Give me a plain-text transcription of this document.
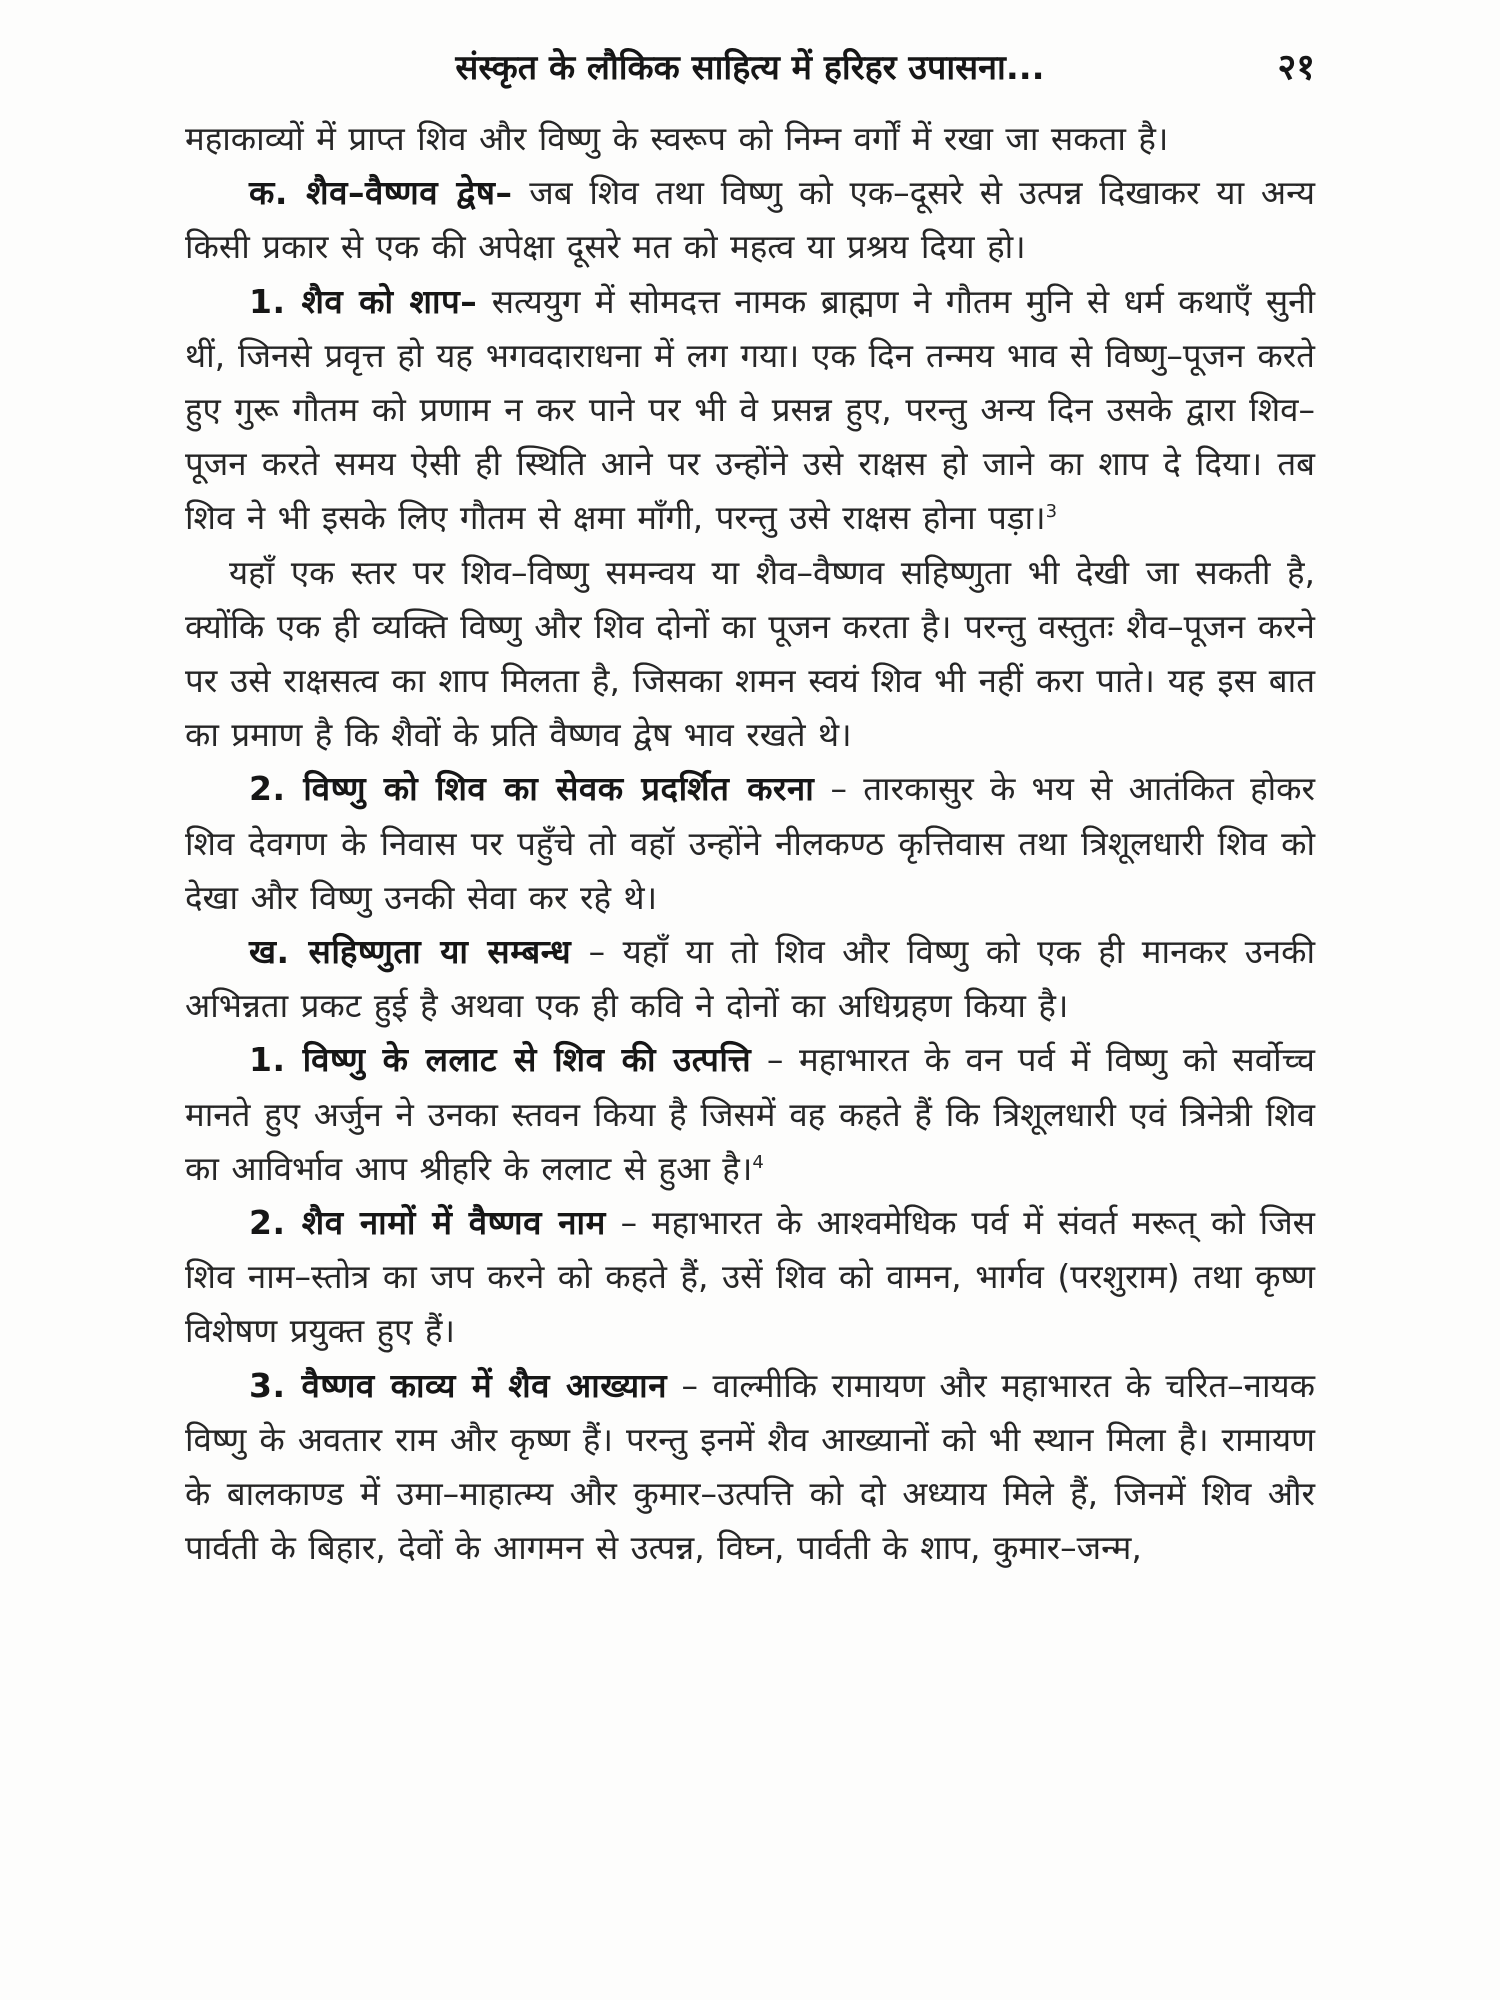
संस्कृत के लौकिक साहित्य में हरिहर उपासना...	२१

महाकाव्यों में प्राप्त शिव और विष्णु के स्वरूप को निम्न वर्गों में रखा जा सकता है।

क. शैव–वैष्णव द्वेष– जब शिव तथा विष्णु को एक–दूसरे से उत्पन्न दिखाकर या अन्य किसी प्रकार से एक की अपेक्षा दूसरे मत को महत्व या प्रश्रय दिया हो।

1. शैव को शाप– सत्ययुग में सोमदत्त नामक ब्राह्मण ने गौतम मुनि से धर्म कथाएँ सुनी थीं, जिनसे प्रवृत्त हो यह भगवदाराधना में लग गया। एक दिन तन्मय भाव से विष्णु–पूजन करते हुए गुरू गौतम को प्रणाम न कर पाने पर भी वे प्रसन्न हुए, परन्तु अन्य दिन उसके द्वारा शिव–पूजन करते समय ऐसी ही स्थिति आने पर उन्होंने उसे राक्षस हो जाने का शाप दे दिया। तब शिव ने भी इसके लिए गौतम से क्षमा माँगी, परन्तु उसे राक्षस होना पड़ा।$^3$

यहाँ एक स्तर पर शिव–विष्णु समन्वय या शैव–वैष्णव सहिष्णुता भी देखी जा सकती है, क्योंकि एक ही व्यक्ति विष्णु और शिव दोनों का पूजन करता है। परन्तु वस्तुतः शैव–पूजन करने पर उसे राक्षसत्व का शाप मिलता है, जिसका शमन स्वयं शिव भी नहीं करा पाते। यह इस बात का प्रमाण है कि शैवों के प्रति वैष्णव द्वेष भाव रखते थे।

2. विष्णु को शिव का सेवक प्रदर्शित करना – तारकासुर के भय से आतंकित होकर शिव देवगण के निवास पर पहुँचे तो वहॉ उन्होंने नीलकण्ठ कृत्तिवास तथा त्रिशूलधारी शिव को देखा और विष्णु उनकी सेवा कर रहे थे।

ख. सहिष्णुता या सम्बन्ध – यहाँ या तो शिव और विष्णु को एक ही मानकर उनकी अभिन्नता प्रकट हुई है अथवा एक ही कवि ने दोनों का अधिग्रहण किया है।

1. विष्णु के ललाट से शिव की उत्पत्ति – महाभारत के वन पर्व में विष्णु को सर्वोच्च मानते हुए अर्जुन ने उनका स्तवन किया है जिसमें वह कहते हैं कि त्रिशूलधारी एवं त्रिनेत्री शिव का आविर्भाव आप श्रीहरि के ललाट से हुआ है।$^4$

2. शैव नामों में वैष्णव नाम – महाभारत के आश्वमेधिक पर्व में संवर्त मरूत् को जिस शिव नाम–स्तोत्र का जप करने को कहते हैं, उसें शिव को वामन, भार्गव (परशुराम) तथा कृष्ण विशेषण प्रयुक्त हुए हैं।

3. वैष्णव काव्य में शैव आख्यान – वाल्मीकि रामायण और महाभारत के चरित–नायक विष्णु के अवतार राम और कृष्ण हैं। परन्तु इनमें शैव आख्यानों को भी स्थान मिला है। रामायण के बालकाण्ड में उमा–माहात्म्य और कुमार–उत्पत्ति को दो अध्याय मिले हैं, जिनमें शिव और पार्वती के बिहार, देवों के आगमन से उत्पन्न, विघ्न, पार्वती के शाप, कुमार–जन्म,
